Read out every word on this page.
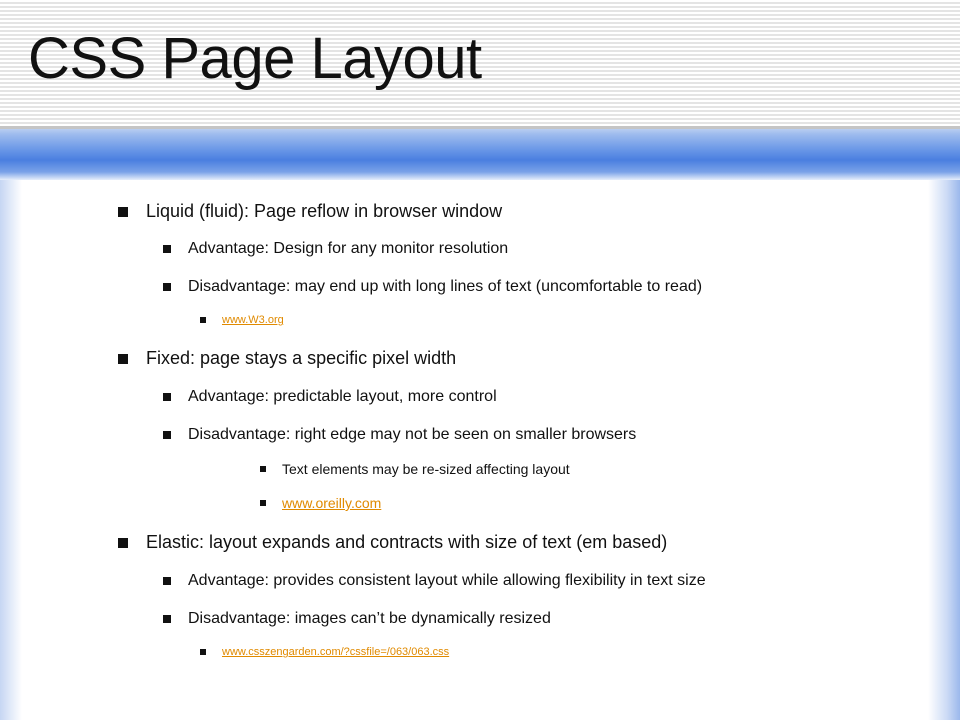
CSS Page Layout
Liquid (fluid): Page reflow in browser window
Advantage: Design for any monitor resolution
Disadvantage: may end up with long lines of text (uncomfortable to read)
www.W3.org
Fixed: page stays a specific pixel width
Advantage: predictable layout, more control
Disadvantage: right edge may not be seen on smaller browsers
Text elements may be re-sized affecting layout
www.oreilly.com
Elastic: layout expands and contracts with size of text (em based)
Advantage: provides consistent layout while allowing flexibility in text size
Disadvantage: images can’t be dynamically resized
www.csszengarden.com/?cssfile=/063/063.css
